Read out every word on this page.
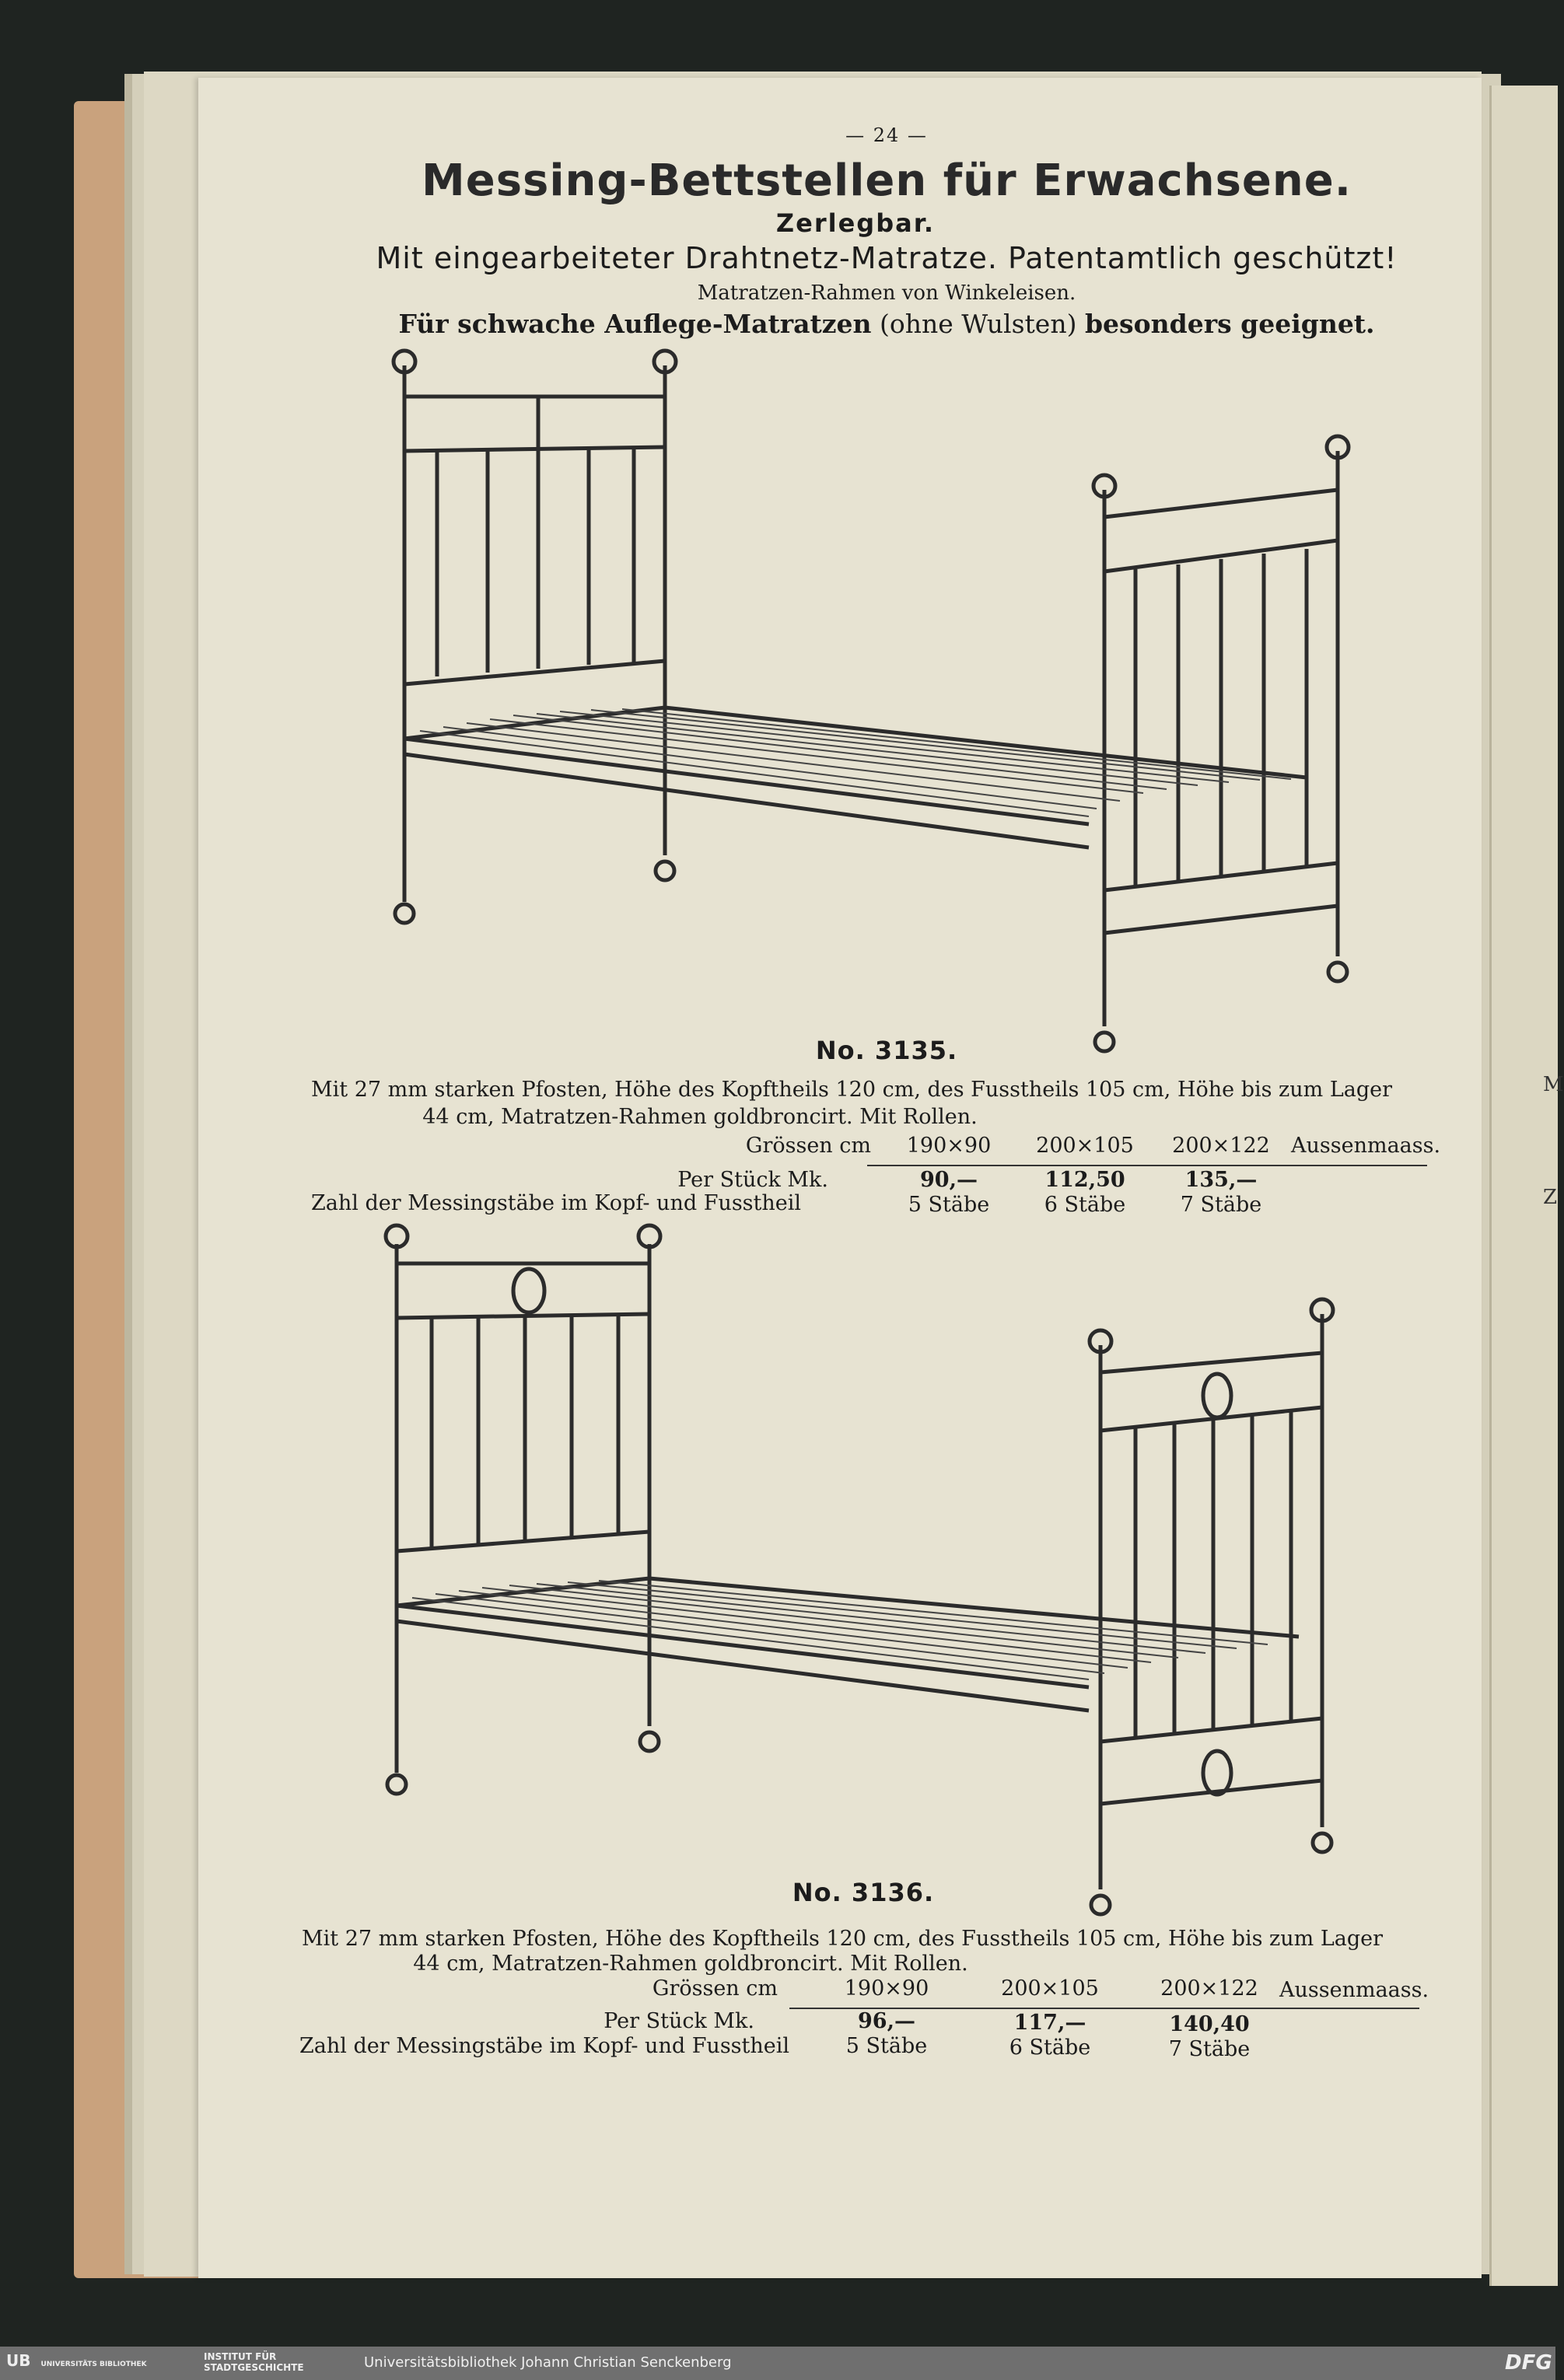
M
Z
— 24 —
Messing-Bettstellen für Erwachsene.
Zerlegbar.
Mit eingearbeiteter Drahtnetz-Matratze. Patentamtlich geschützt!
Matratzen-Rahmen von Winkeleisen.
Für schwache Auflege-Matratzen (ohne Wulsten) besonders geeignet.
No. 3135.
Mit 27 mm starken Pfosten, Höhe des Kopftheils 120 cm, des Fusstheils 105 cm, Höhe bis zum Lager
44 cm, Matratzen-Rahmen goldbroncirt. Mit Rollen.
Grössen cm	190×90	200×105	200×122	Aussenmaass.
Per Stück Mk.	90,—	112,50	135,—
Zahl der Messingstäbe im Kopf- und Fusstheil	5 Stäbe	6 Stäbe	7 Stäbe
No. 3136.
Mit 27 mm starken Pfosten, Höhe des Kopftheils 120 cm, des Fusstheils 105 cm, Höhe bis zum Lager
44 cm, Matratzen-Rahmen goldbroncirt. Mit Rollen.
Grössen cm	190×90	200×105	200×122	Aussenmaass.
Per Stück Mk.	96,—	117,—	140,40
Zahl der Messingstäbe im Kopf- und Fusstheil	5 Stäbe	6 Stäbe	7 Stäbe
UB UNIVERSITÄTS BIBLIOTHEK
INSTITUT FÜR STADTGESCHICHTE	Universitätsbibliothek Johann Christian Senckenberg	DFG
